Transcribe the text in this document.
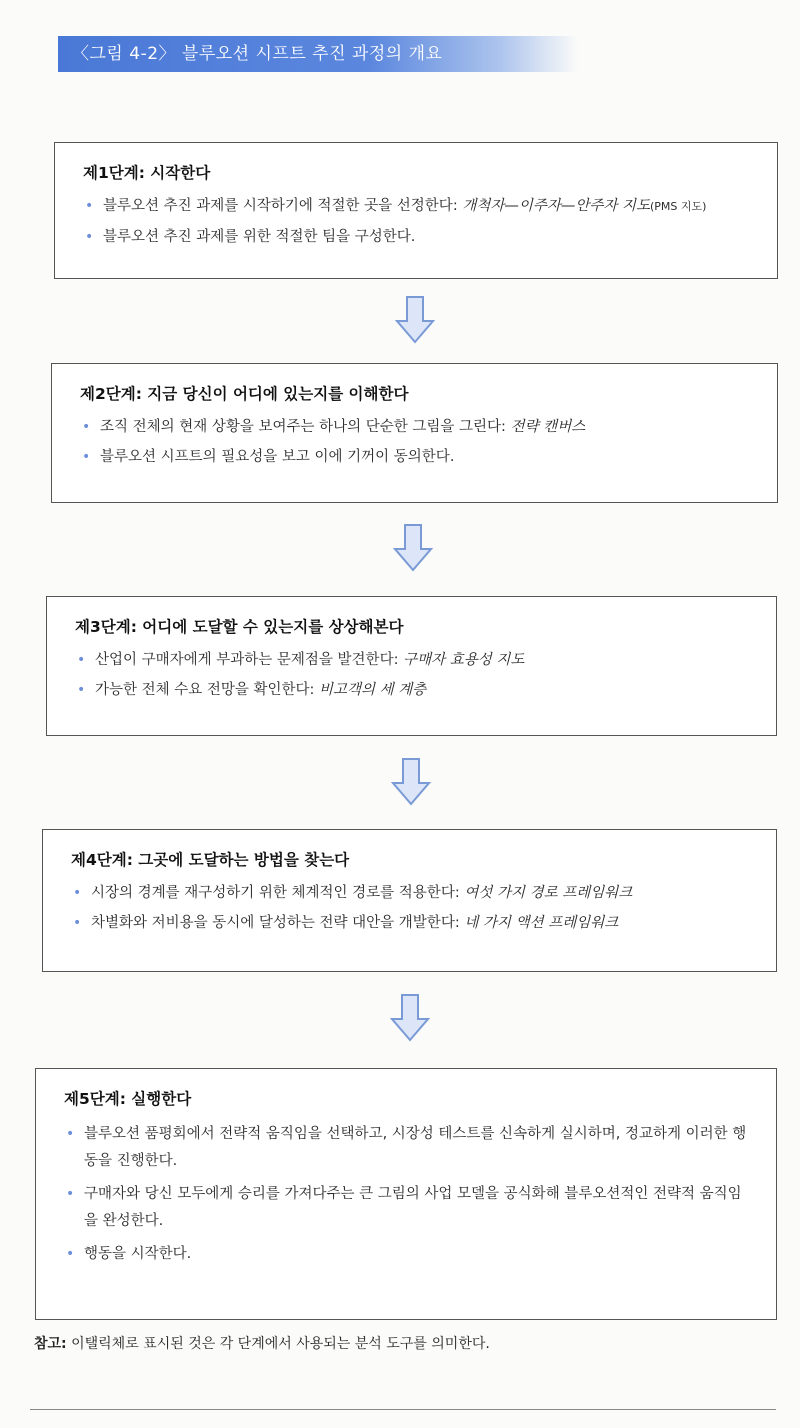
〈그림 4-2〉 블루오션 시프트 추진 과정의 개요
제1단계: 시작한다
• 블루오션 추진 과제를 시작하기에 적절한 곳을 선정한다: 개척자—이주자—안주자 지도(PMS 지도)
• 블루오션 추진 과제를 위한 적절한 팀을 구성한다.
제2단계: 지금 당신이 어디에 있는지를 이해한다
• 조직 전체의 현재 상황을 보여주는 하나의 단순한 그림을 그린다: 전략 캔버스
• 블루오션 시프트의 필요성을 보고 이에 기꺼이 동의한다.
제3단계: 어디에 도달할 수 있는지를 상상해본다
• 산업이 구매자에게 부과하는 문제점을 발견한다: 구매자 효용성 지도
• 가능한 전체 수요 전망을 확인한다: 비고객의 세 계층
제4단계: 그곳에 도달하는 방법을 찾는다
• 시장의 경계를 재구성하기 위한 체계적인 경로를 적용한다: 여섯 가지 경로 프레임워크
• 차별화와 저비용을 동시에 달성하는 전략 대안을 개발한다: 네 가지 액션 프레임워크
제5단계: 실행한다
• 블루오션 품평회에서 전략적 움직임을 선택하고, 시장성 테스트를 신속하게 실시하며, 정교하게 이러한 행동을 진행한다.
• 구매자와 당신 모두에게 승리를 가져다주는 큰 그림의 사업 모델을 공식화해 블루오션적인 전략적 움직임을 완성한다.
• 행동을 시작한다.
참고: 이탤릭체로 표시된 것은 각 단계에서 사용되는 분석 도구를 의미한다.
